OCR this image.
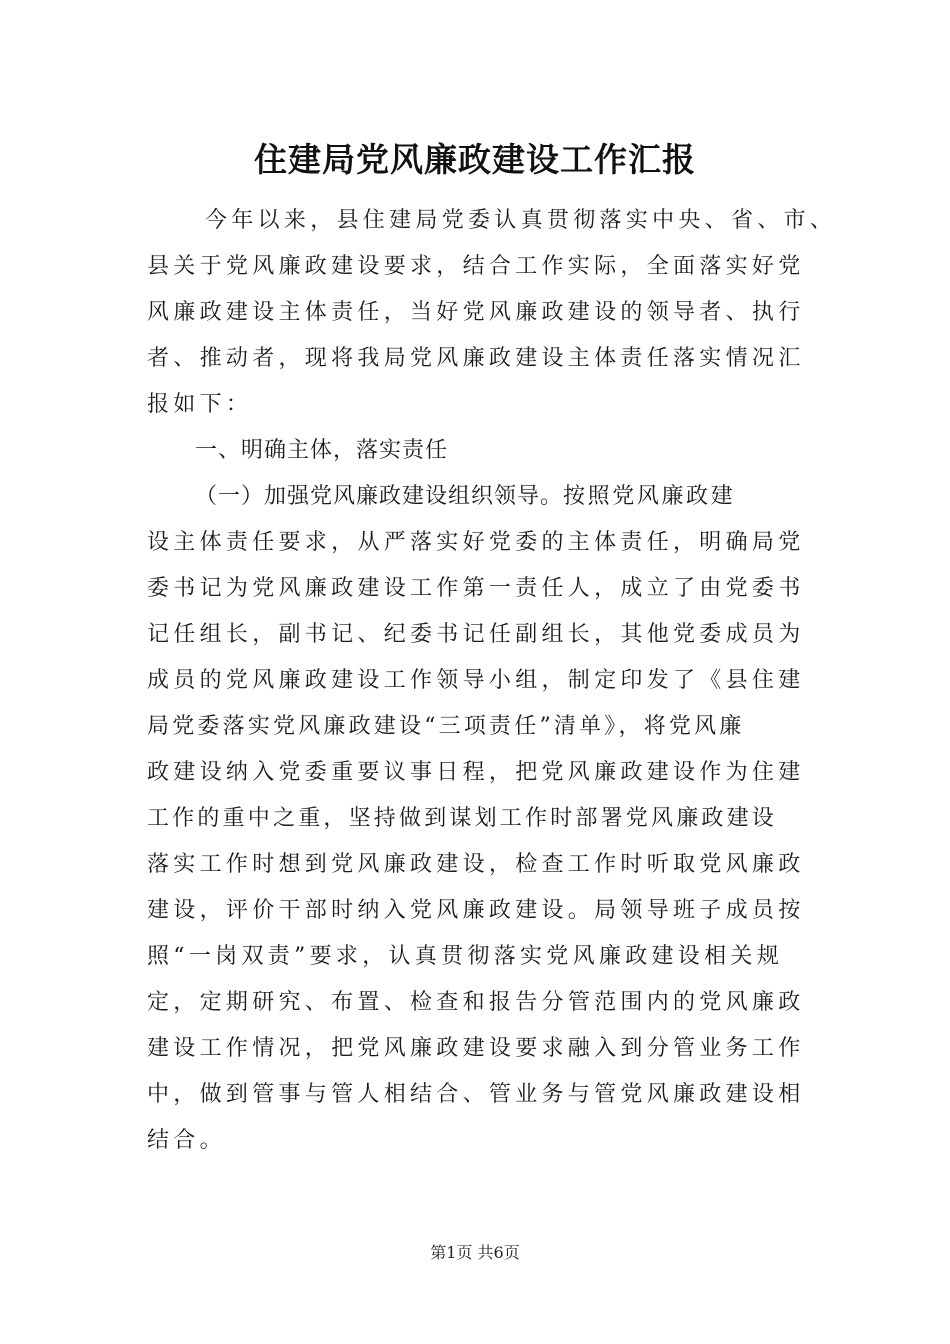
住建局党风廉政建设工作汇报
今年以来，县住建局党委认真贯彻落实中央、省、市、
县关于党风廉政建设要求，结合工作实际，全面落实好党
风廉政建设主体责任，当好党风廉政建设的领导者、执行
者、推动者，现将我局党风廉政建设主体责任落实情况汇
报如下：
一、明确主体，落实责任
（一）加强党风廉政建设组织领导。按照党风廉政建
设主体责任要求，从严落实好党委的主体责任，明确局党
委书记为党风廉政建设工作第一责任人，成立了由党委书
记任组长，副书记、纪委书记任副组长，其他党委成员为
成员的党风廉政建设工作领导小组，制定印发了《县住建
局党委落实党风廉政建设“三项责任”清单》，将党风廉
政建设纳入党委重要议事日程，把党风廉政建设作为住建
工作的重中之重，坚持做到谋划工作时部署党风廉政建设
落实工作时想到党风廉政建设，检查工作时听取党风廉政
建设，评价干部时纳入党风廉政建设。局领导班子成员按
照“一岗双责”要求，认真贯彻落实党风廉政建设相关规
定，定期研究、布置、检查和报告分管范围内的党风廉政
建设工作情况，把党风廉政建设要求融入到分管业务工作
中，做到管事与管人相结合、管业务与管党风廉政建设相
结合。
第1页 共6页
